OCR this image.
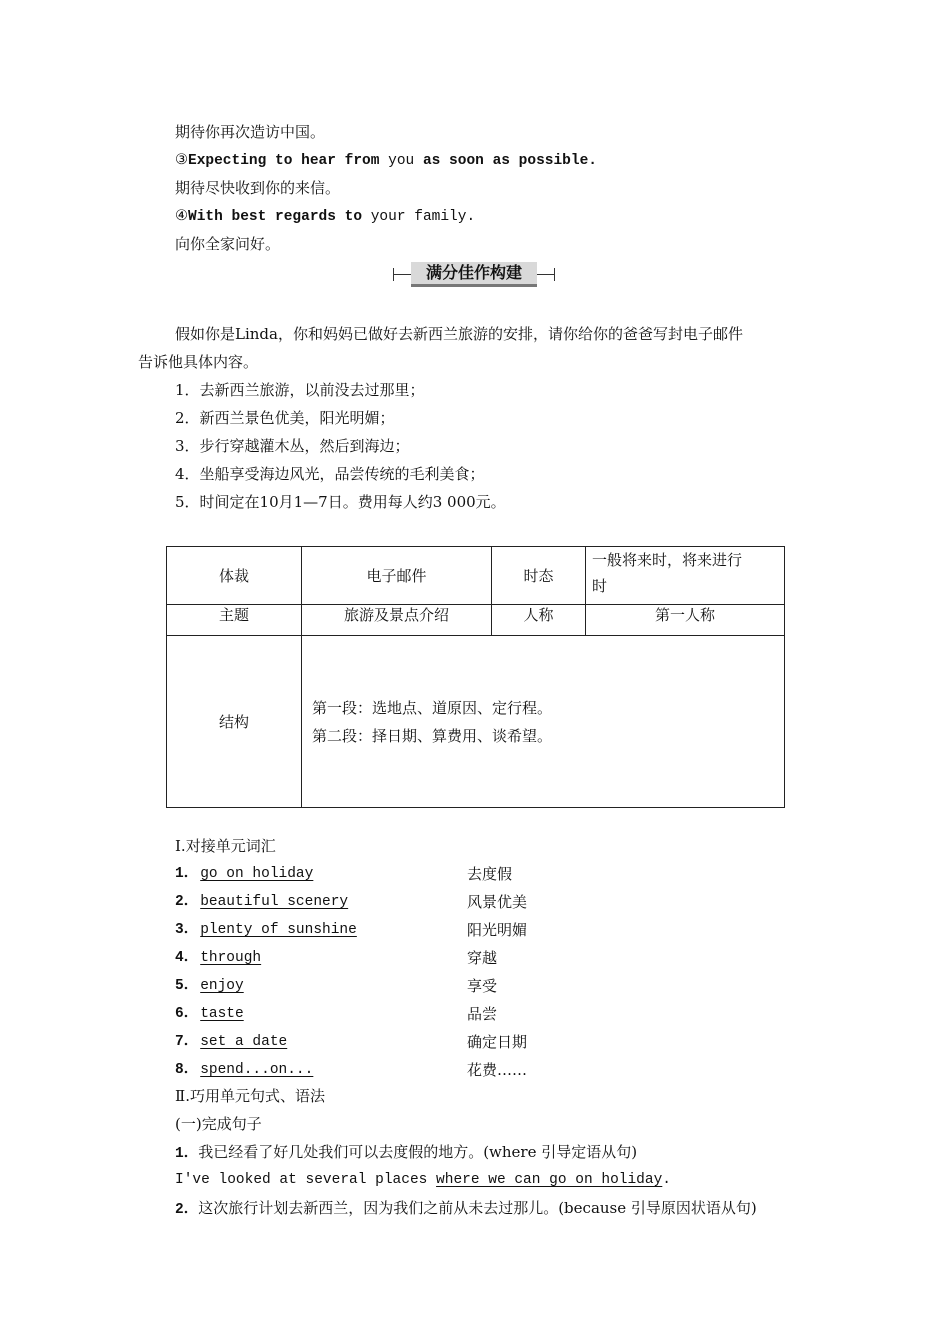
期待你再次造访中国。
③Expecting to hear from you as soon as possible.
期待尽快收到你的来信。
④With best regards to your family.
向你全家问好。
满分佳作构建
假如你是Linda，你和妈妈已做好去新西兰旅游的安排，请你给你的爸爸写封电子邮件
告诉他具体内容。
1．去新西兰旅游，以前没去过那里；
2．新西兰景色优美，阳光明媚；
3．步行穿越灌木丛，然后到海边；
4．坐船享受海边风光，品尝传统的毛利美食；
5．时间定在10月1—7日。费用每人约3 000元。
体裁	电子邮件	时态	一般将来时，将来进行
时

主题	旅游及景点介绍	人称	第一人称
结构	第一段：选地点、道原因、定行程。
第二段：择日期、算费用、谈希望。		
Ⅰ.对接单元词汇
1． go on holiday	去度假
2． beautiful scenery	风景优美
3． plenty of sunshine	阳光明媚
4． through	穿越
5． enjoy	享受
6． taste	品尝
7． set a date	确定日期
8． spend...on...	花费……
Ⅱ.巧用单元句式、语法
(一)完成句子
1．我已经看了好几处我们可以去度假的地方。(where 引导定语从句)
I've looked at several places where we can go on holiday.
2．这次旅行计划去新西兰，因为我们之前从未去过那儿。(because 引导原因状语从句)
